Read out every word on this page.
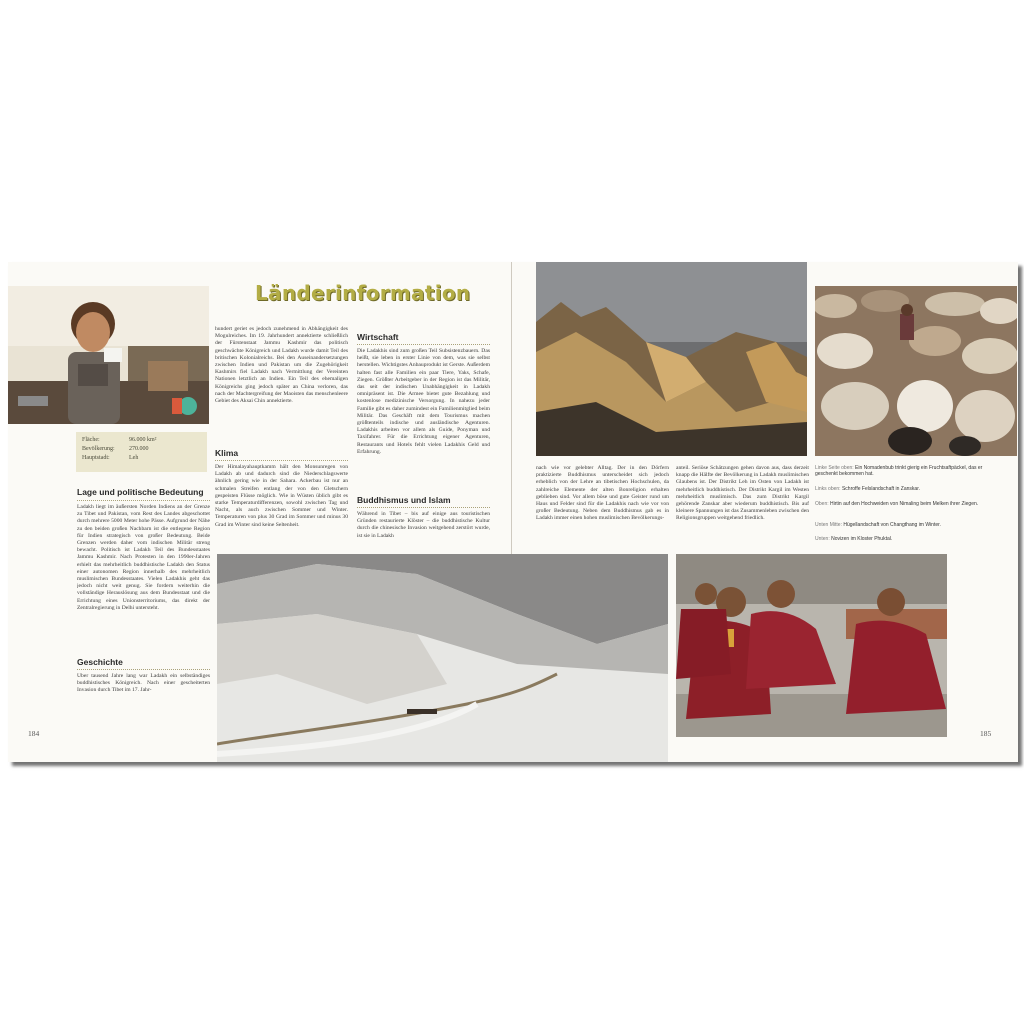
Fläche:	96.000 km²
Bevölkerung: 270.000
Hauptstadt:	Leh
Lage und politische Bedeutung
Ladakh liegt im äußersten Norden Indiens an der Grenze zu Tibet und Pakistan, vom Rest des Landes abgeschottet durch mehrere 5000 Meter hohe Pässe. Aufgrund der Nähe zu den beiden großen Nachbarn ist die entlegene Region für Indien strategisch von großer Bedeutung. Beide Grenzen werden daher vom indischen Militär streng bewacht. Politisch ist Ladakh Teil des Bundesstaates Jammu Kashmir. Nach Protesten in den 1990er-Jahren erhielt das mehrheitlich buddhistische Ladakh den Status einer autonomen Region innerhalb des mehrheitlich muslimischen Bundesstaates. Vielen Ladakhis geht das jedoch nicht weit genug. Sie fordern weiterhin die vollständige Herauslösung aus dem Bundesstaat und die Errichtung eines Unionsterritoriums, das direkt der Zentralregierung in Delhi untersteht.
Geschichte
Über tausend Jahre lang war Ladakh ein selbständiges buddhistisches Königreich. Nach einer gescheiterten Invasion durch Tibet im 17. Jahr-
184
Länderinformation
hundert geriet es jedoch zunehmend in Abhängigkeit des Mogulreiches. Im 19. Jahrhundert annektierte schließlich der Fürstenstaat Jammu Kashmir das politisch geschwächte Königreich und Ladakh wurde damit Teil des britischen Kolonialreichs. Bei den Auseinandersetzungen zwischen Indien und Pakistan um die Zugehörigkeit Kashmirs fiel Ladakh nach Vermittlung der Vereinten Nationen letztlich an Indien. Ein Teil des ehemaligen Königreichs ging jedoch später an China verloren, das nach der Machtergreifung der Maoisten das menschenleere Gebiet des Aksai Chin annektierte.
Klima
Der Himalayahauptkamm hält den Monsunregen von Ladakh ab und dadurch sind die Niederschlagswerte ähnlich gering wie in der Sahara. Ackerbau ist nur an schmalen Streifen entlang der von den Gletschern gespeisten Flüsse möglich. Wie in Wüsten üblich gibt es starke Temperaturdifferenzen, sowohl zwischen Tag und Nacht, als auch zwischen Sommer und Winter. Temperaturen von plus 30 Grad im Sommer und minus 30 Grad im Winter sind keine Seltenheit.
Wirtschaft
Die Ladakhis sind zum großen Teil Subsistenzbauern. Das heißt, sie leben in erster Linie von dem, was sie selbst herstellen. Wichtigstes Anbauprodukt ist Gerste. Außerdem halten fast alle Familien ein paar Tiere, Yaks, Schafe, Ziegen. Größter Arbeitgeber in der Region ist das Militär, das seit der indischen Unabhängigkeit in Ladakh omnipräsent ist. Die Armee bietet gute Bezahlung und kostenlose medizinische Versorgung. In nahezu jeder Familie gibt es daher zumindest ein Familienmitglied beim Militär. Das Geschäft mit dem Tourismus machen größtenteils indische und ausländische Agenturen. Ladakhis arbeiten vor allem als Guide, Ponyman und Taxifahrer. Für die Errichtung eigener Agenturen, Restaurants und Hotels fehlt vielen Ladakhis Geld und Erfahrung.
Buddhismus und Islam
Während in Tibet – bis auf einige aus touristischen Gründen restaurierte Klöster – die buddhistische Kultur durch die chinesische Invasion weitgehend zerstört wurde, ist sie in Ladakh
nach wie vor gelebter Alltag. Der in den Dörfern praktizierte Buddhismus unterscheidet sich jedoch erheblich von der Lehre an tibetischen Hochschulen, da zahlreiche Elemente der alten Bonreligion erhalten geblieben sind. Vor allem böse und gute Geister rund um Haus und Felder sind für die Ladakhis nach wie vor von großer Bedeutung. Neben dem Buddhismus gab es in Ladakh immer einen hohen muslimischen Bevölkerungs-
anteil. Seriöse Schätzungen gehen davon aus, dass derzeit knapp die Hälfte der Bevölkerung in Ladakh muslimischen Glaubens ist. Der Distrikt Leh im Osten von Ladakh ist mehrheitlich buddhistisch. Der Distrikt Kargil im Westen mehrheitlich muslimisch. Das zum Distrikt Kargil gehörende Zanskar aber wiederum buddhistisch. Bis auf kleinere Spannungen ist das Zusammenleben zwischen den Religionsgruppen weitgehend friedlich.
Linke Seite oben: Ein Nomadenbub trinkt gierig ein Fruchtsaftpäckel, das er geschenkt bekommen hat.
Links oben: Schroffe Felslandschaft in Zanskar.
Oben: Hirtin auf den Hochweiden von Nimaling beim Melken ihrer Ziegen.
Unten Mitte: Hügellandschaft von Changthang im Winter.
Unten: Novizen im Kloster Phuktal.
185
